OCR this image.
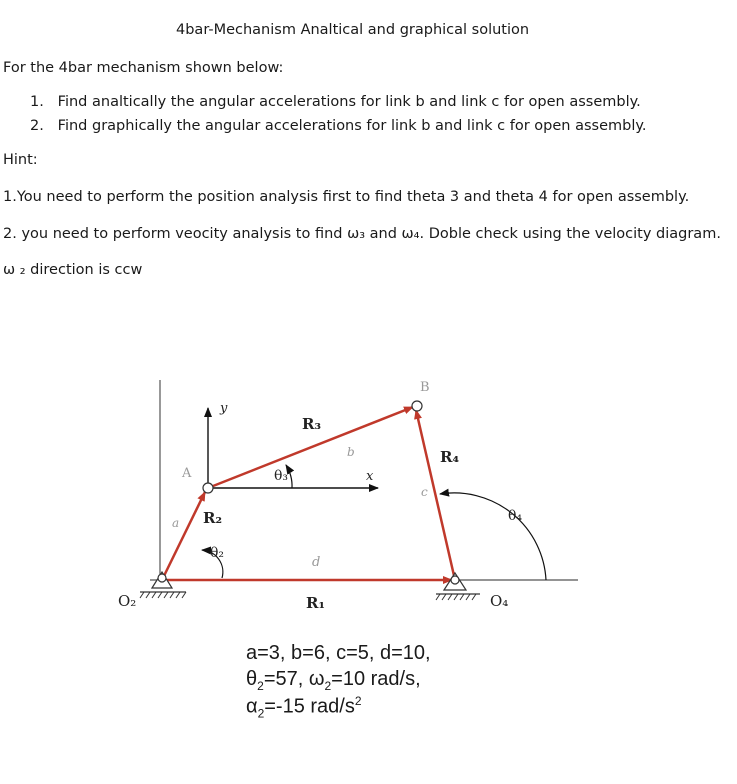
4bar-Mechanism Analtical and graphical solution
For the 4bar mechanism shown below:
1. Find analtically the angular accelerations for link b and link c for open assembly.
2. Find graphically the angular accelerations for link b and link c for open assembly.
Hint:
1.You need to perform the position analysis first to find theta 3 and theta 4 for open assembly.
2. you need to perform veocity analysis to find ω₃ and ω₄. Doble check using the velocity diagram.
ω ₂ direction is ccw
O₂	O₄
A
B
a
b
c
d
x
y
R₁
R₂
R₃
R₄
θ₂
θ₃
θ₄
a=3, b=6, c=5, d=10,
$\theta_2=57$, $\omega_2=10$ rad/s,
$\alpha_2=-15$ rad/$s^2$
